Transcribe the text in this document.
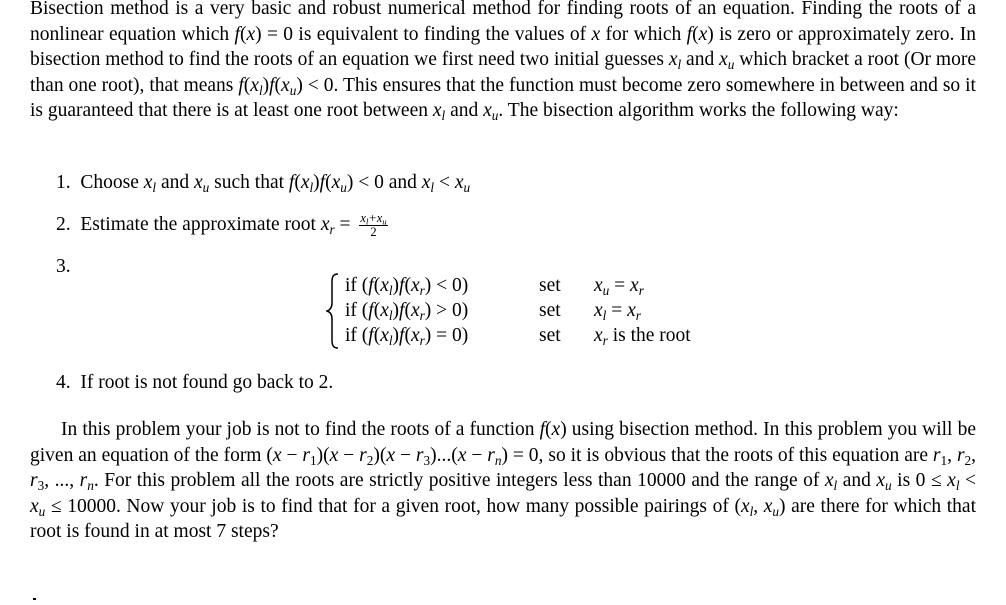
Bisection method is a very basic and robust numerical method for finding roots of an equation. Finding the roots of a nonlinear equation which f(x) = 0 is equivalent to finding the values of x for which f(x) is zero or approximately zero. In bisection method to find the roots of an equation we first need two initial guesses $x_l$ and $x_u$ which bracket a root (Or more than one root), that means $f(x_l)f(x_u) < 0$. This ensures that the function must become zero somewhere in between and so it is guaranteed that there is at least one root between $x_l$ and $x_u$. The bisection algorithm works the following way:
1. Choose $x_l$ and $x_u$ such that $f(x_l)f(x_u) < 0$ and $x_l < x_u$
2. Estimate the approximate root $x_r = \frac{x_l+x_u}{2}$
3.
if $(f(x_l)f(x_r) < 0)$	set $x_u = x_r$
if $(f(x_l)f(x_r) > 0)$	set $x_l = x_r$
if $(f(x_l)f(x_r) = 0)$	set $x_r$ is the root
4. If root is not found go back to 2.
In this problem your job is not to find the roots of a function f(x) using bisection method. In this problem you will be given an equation of the form $(x - r_1)(x - r_2)(x - r_3)...(x - r_n) = 0$, so it is obvious that the roots of this equation are $r_1$, $r_2$, $r_3$, ..., $r_n$. For this problem all the roots are strictly positive integers less than 10000 and the range of $x_l$ and $x_u$ is $0 \le x_l < x_u \le 10000$. Now your job is to find that for a given root, how many possible pairings of ($x_l$, $x_u$) are there for which that root is found in at most 7 steps?
